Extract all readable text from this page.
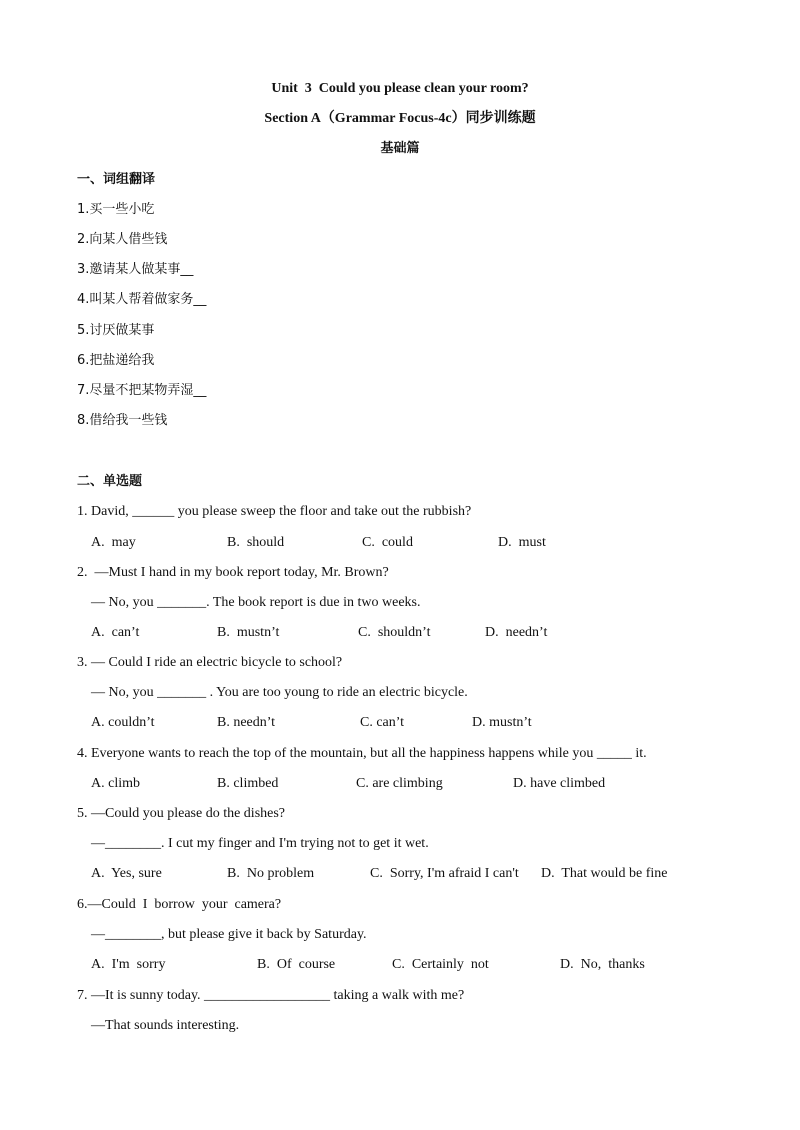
Unit  3  Could you please clean your room?
Section A（Grammar Focus-4c）同步训练题
基础篇
一、词组翻译
1.买一些小吃
2.向某人借些钱
3.邀请某人做某事__
4.叫某人帮着做家务__
5.讨厌做某事
6.把盐递给我
7.尽量不把某物弄湿__
8.借给我一些钱
二、单选题
1. David, ______ you please sweep the floor and take out the rubbish?
A.  may	B.  should	C.  could	D.  must
2.  —Must I hand in my book report today, Mr. Brown?
— No, you _______. The book report is due in two weeks.
A.  can’t	B.  mustn’t	C.  shouldn’t	D.  needn’t
3. — Could I ride an electric bicycle to school?
— No, you _______ . You are too young to ride an electric bicycle.
A. couldn’t	B. needn’t	C. can’t	D. mustn’t
4. Everyone wants to reach the top of the mountain, but all the happiness happens while you _____ it.
A. climb	B. climbed	C. are climbing	D. have climbed
5. —Could you please do the dishes?
—________. I cut my finger and I'm trying not to get it wet.
A.  Yes, sure	B.  No problem	C.  Sorry, I'm afraid I can't D.  That would be fine
6.—Could  I  borrow  your  camera?
—________, but please give it back by Saturday.
A.  I'm  sorry	B.  Of  course	C.  Certainly  not	D.  No,  thanks
7. —It is sunny today. __________________ taking a walk with me?
—That sounds interesting.
